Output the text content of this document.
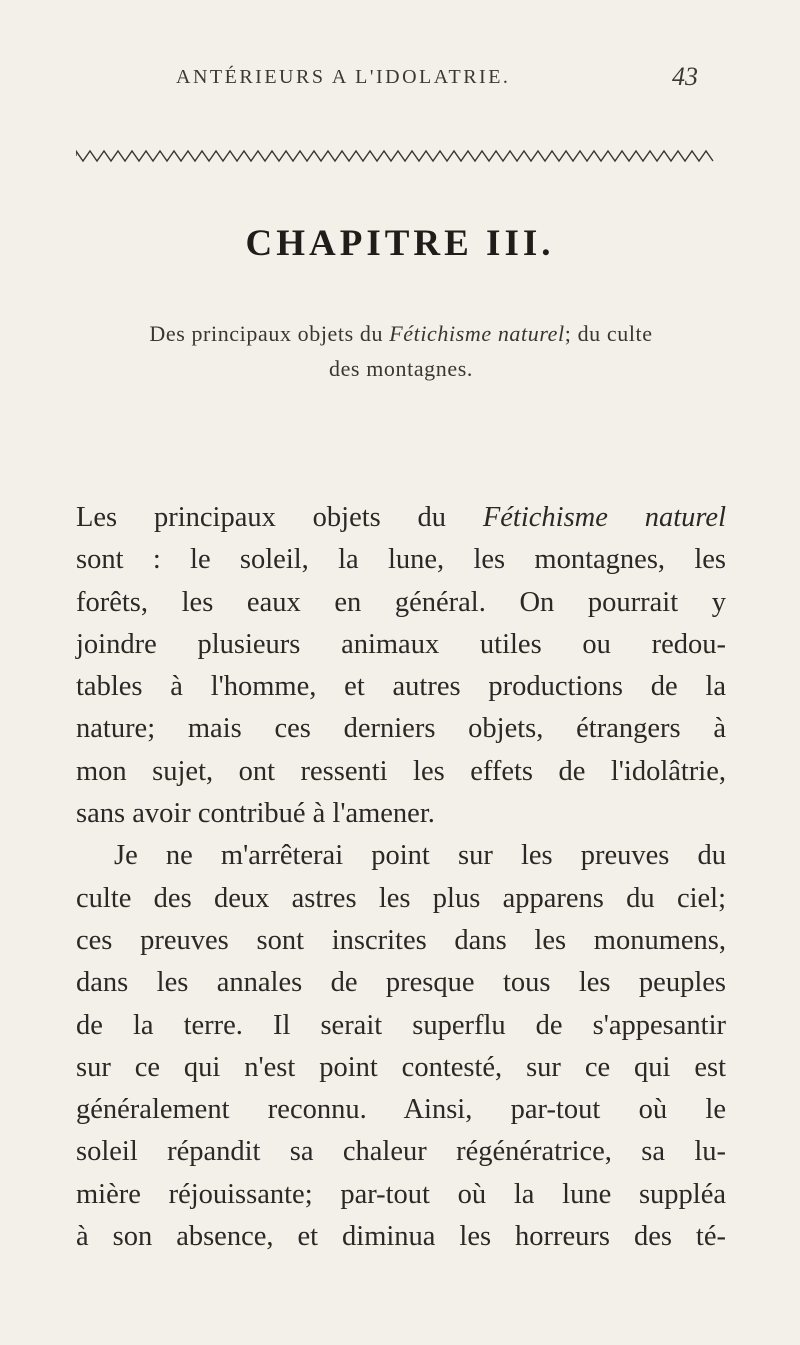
ANTÉRIEURS A L'IDOLATRIE.	43
CHAPITRE III.
Des principaux objets du Fétichisme naturel; du culte
des montagnes.
Les principaux objets du Fétichisme naturel
sont : le soleil, la lune, les montagnes, les
forêts, les eaux en général. On pourrait y
joindre plusieurs animaux utiles ou redou-
tables à l'homme, et autres productions de la
nature; mais ces derniers objets, étrangers à
mon sujet, ont ressenti les effets de l'idolâtrie,
sans avoir contribué à l'amener.
Je ne m'arrêterai point sur les preuves du
culte des deux astres les plus apparens du ciel;
ces preuves sont inscrites dans les monumens,
dans les annales de presque tous les peuples
de la terre. Il serait superflu de s'appesantir
sur ce qui n'est point contesté, sur ce qui est
généralement reconnu. Ainsi, par-tout où le
soleil répandit sa chaleur régénératrice, sa lu-
mière réjouissante; par-tout où la lune suppléa
à son absence, et diminua les horreurs des té-
